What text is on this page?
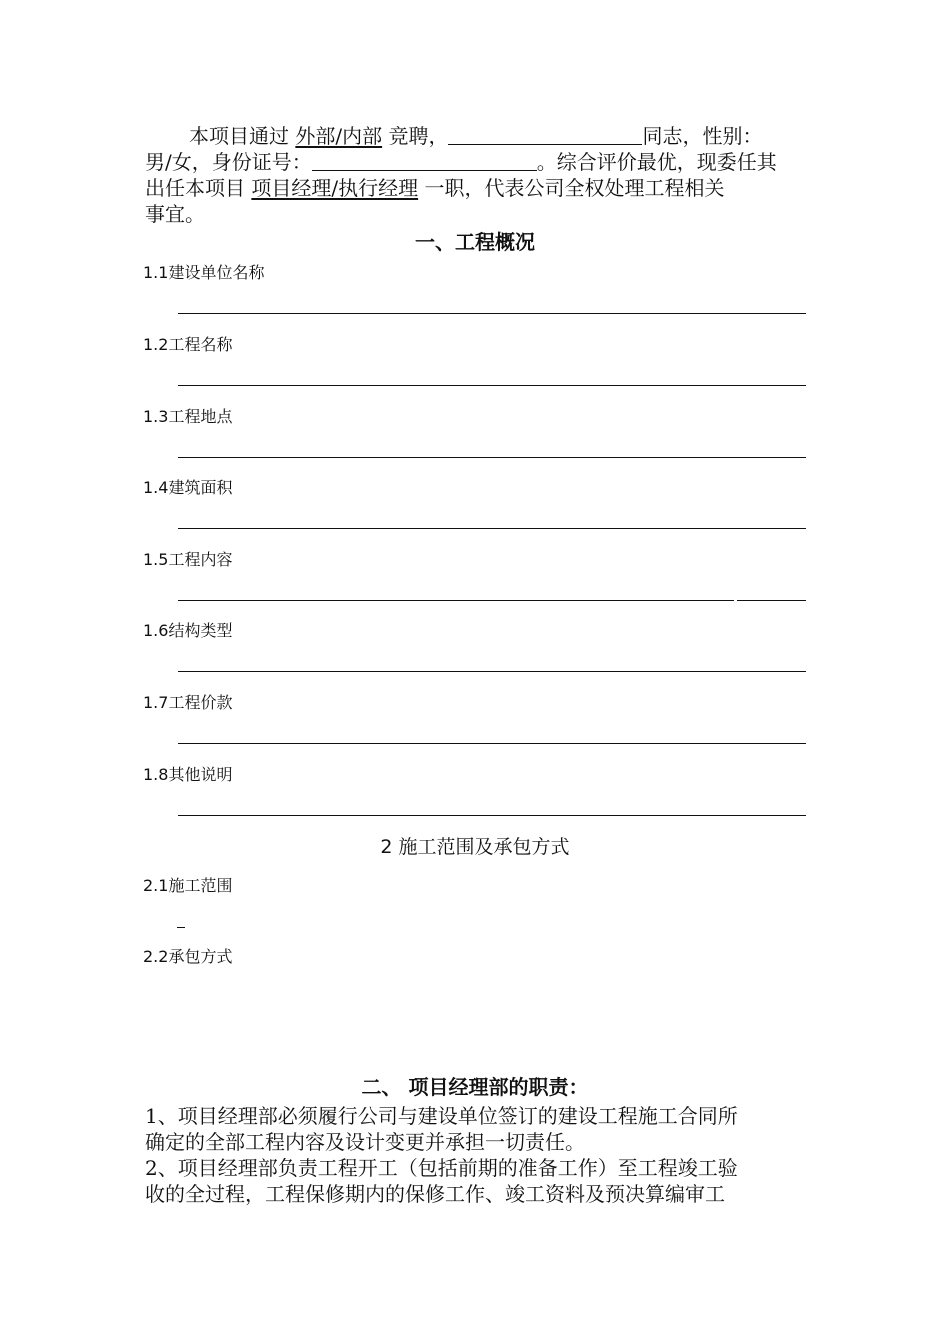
本项目通过 外部/内部 竞聘，	同志，性别：
男/女，身份证号：	。综合评价最优，现委任其
出任本项目 项目经理/执行经理 一职，代表公司全权处理工程相关
事宜。
一、工程概况
1.1建设单位名称
1.2工程名称
1.3工程地点
1.4建筑面积
1.5工程内容
1.6结构类型
1.7工程价款
1.8其他说明
2 施工范围及承包方式
2.1施工范围
2.2承包方式
二、 项目经理部的职责：
1、项目经理部必须履行公司与建设单位签订的建设工程施工合同所
确定的全部工程内容及设计变更并承担一切责任。
2、项目经理部负责工程开工（包括前期的准备工作）至工程竣工验
收的全过程，工程保修期内的保修工作、竣工资料及预决算编审工
